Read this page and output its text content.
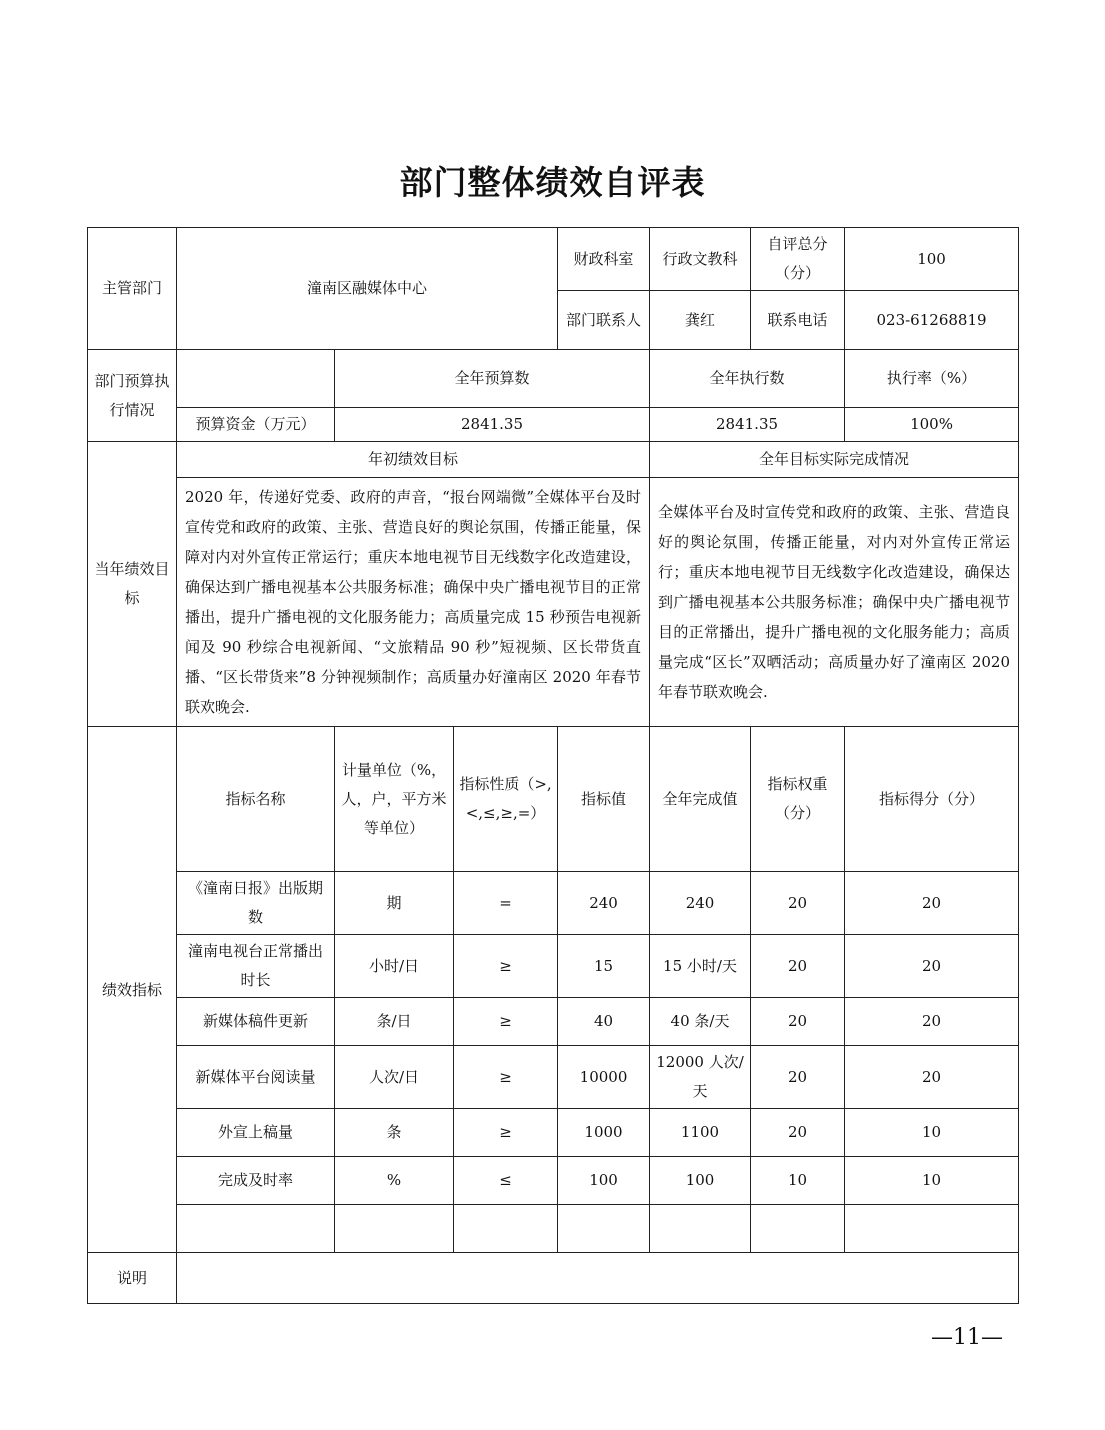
部门整体绩效自评表
主管部门	潼南区融媒体中心			财政科室	行政文教科	自评总分（分）	100
				部门联系人	龚红	联系电话	023-61268819
部门预算执行情况		全年预算数			全年执行数		执行率（%）
	预算资金（万元）	2841.35			2841.35		100%
当年绩效目标	年初绩效目标				全年目标实际完成情况		
	2020 年，传递好党委、政府的声音，“报台网端微”全媒体平台及时宣传党和政府的政策、主张、营造良好的舆论氛围，传播正能量，保障对内对外宣传正常运行；重庆本地电视节目无线数字化改造建设，确保达到广播电视基本公共服务标准；确保中央广播电视节目的正常播出，提升广播电视的文化服务能力；高质量完成 15 秒预告电视新闻及 90 秒综合电视新闻、“文旅精品 90 秒”短视频、区长带货直播、“区长带货来”8 分钟视频制作；高质量办好潼南区 2020 年春节联欢晚会.				全媒体平台及时宣传党和政府的政策、主张、营造良好的舆论氛围，传播正能量，对内对外宣传正常运行；重庆本地电视节目无线数字化改造建设，确保达到广播电视基本公共服务标准；确保中央广播电视节目的正常播出，提升广播电视的文化服务能力；高质量完成“区长”双晒活动；高质量办好了潼南区 2020 年春节联欢晚会.		
绩效指标	指标名称	计量单位（%，人，户，平方米等单位）	指标性质（>,<,≤,≥,=）	指标值	全年完成值	指标权重（分）	指标得分（分）
	《潼南日报》出版期数	期	=	240	240	20	20
	潼南电视台正常播出时长	小时/日	≥	15	15 小时/天	20	20
	新媒体稿件更新	条/日	≥	40	40 条/天	20	20
	新媒体平台阅读量	人次/日	≥	10000	12000 人次/天	20	20
	外宣上稿量	条	≥	1000	1100	20	10
	完成及时率	%	≤	100	100	10	10

说明							
—11—
